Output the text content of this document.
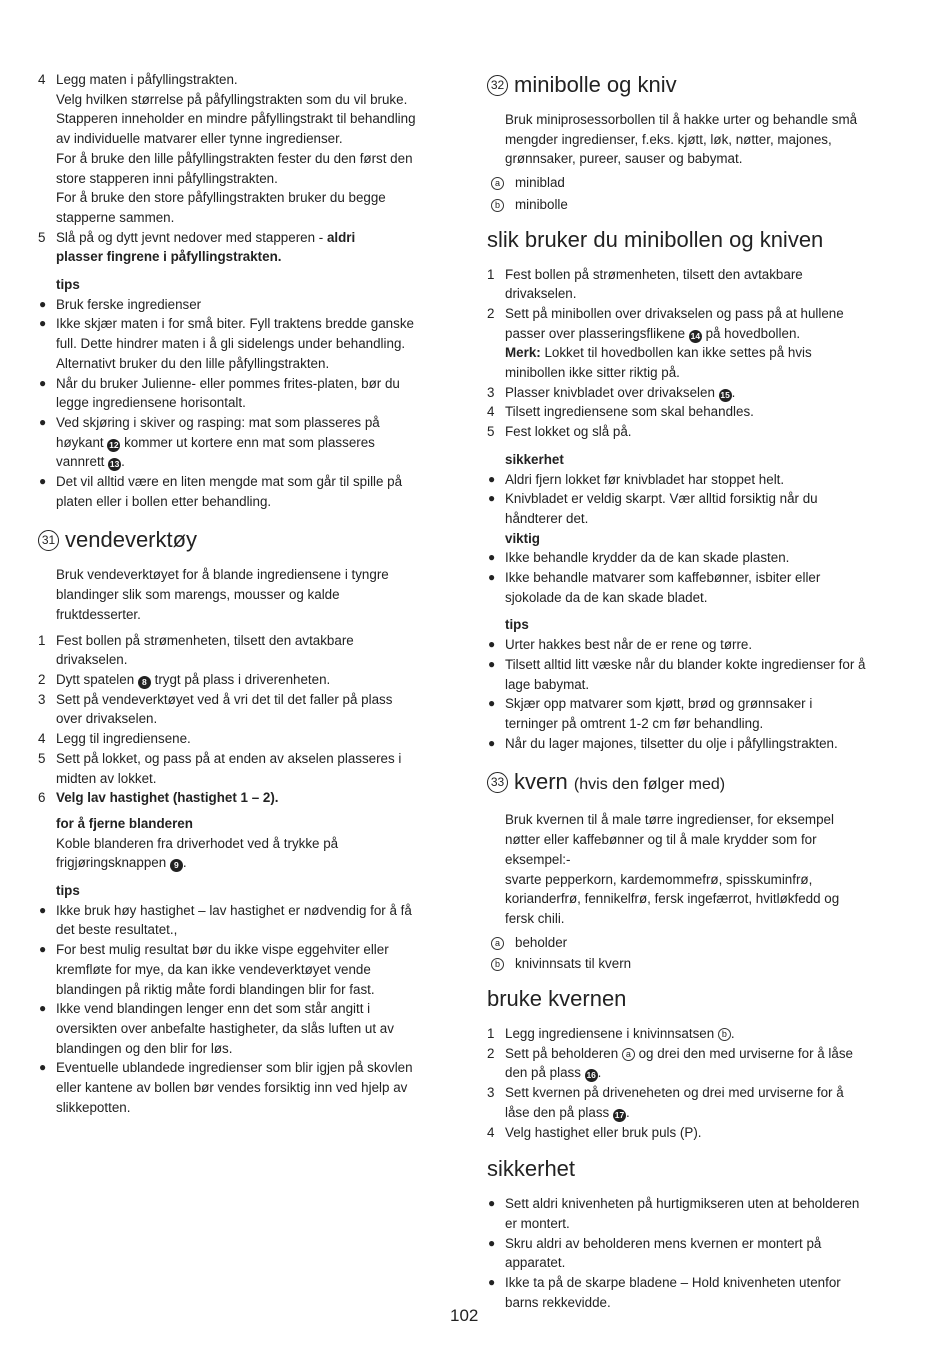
4 Legg maten i påfyllingstrakten.
Velg hvilken størrelse på påfyllingstrakten som du vil bruke.
Stapperen inneholder en mindre påfyllingstrakt til behandling
av individuelle matvarer eller tynne ingredienser.
For å bruke den lille påfyllingstrakten fester du den først den
store stapperen inni påfyllingstrakten.
For å bruke den store påfyllingstrakten bruker du begge
stapperne sammen.
5 Slå på og dytt jevnt nedover med stapperen - aldri
plasser fingrene i påfyllingstrakten.
tips
● Bruk ferske ingredienser
● Ikke skjær maten i for små biter. Fyll traktens bredde ganske
full. Dette hindrer maten i å gli sidelengs under behandling.
Alternativt bruker du den lille påfyllingstrakten.
● Når du bruker Julienne- eller pommes frites-platen, bør du
legge ingrediensene horisontalt.
● Ved skjøring i skiver og rasping: mat som plasseres på
høykant 12 kommer ut kortere enn mat som plasseres
vannrett 13 .
● Det vil alltid være en liten mengde mat som går til spille på
platen eller i bollen etter behandling.
31 vendeverktøy
Bruk vendeverktøyet for å blande ingrediensene i tyngre
blandinger slik som marengs, mousser og kalde
fruktdesserter.
1 Fest bollen på strømenheten, tilsett den avtakbare
drivakselen.
2 Dytt spatelen 8 trygt på plass i driverenheten.
3 Sett på vendeverktøyet ved å vri det til det faller på plass
over drivakselen.
4 Legg til ingrediensene.
5 Sett på lokket, og pass på at enden av akselen plasseres i
midten av lokket.
6 Velg lav hastighet (hastighet 1 – 2).
for å fjerne blanderen
Koble blanderen fra driverhodet ved å trykke på
frigjøringsknappen 9 .
tips
● Ikke bruk høy hastighet – lav hastighet er nødvendig for å få
det beste resultatet.,
● For best mulig resultat bør du ikke vispe eggehviter eller
kremfløte for mye, da kan ikke vendeverktøyet vende
blandingen på riktig måte fordi blandingen blir for fast.
● Ikke vend blandingen lenger enn det som står angitt i
oversikten over anbefalte hastigheter, da slås luften ut av
blandingen og den blir for løs.
● Eventuelle ublandede ingredienser som blir igjen på skovlen
eller kantene av bollen bør vendes forsiktig inn ved hjelp av
slikkepotten.
32 minibolle og kniv
Bruk miniprosessorbollen til å hakke urter og behandle små
mengder ingredienser, f.eks. kjøtt, løk, nøtter, majones,
grønnsaker, pureer, sauser og babymat.
a miniblad
b minibolle
slik bruker du minibollen og kniven
1 Fest bollen på strømenheten, tilsett den avtakbare
drivakselen.
2 Sett på minibollen over drivakselen og pass på at hullene
passer over plasseringsflikene 14 på hovedbollen.
Merk: Lokket til hovedbollen kan ikke settes på hvis
minibollen ikke sitter riktig på.
3 Plasser knivbladet over drivakselen 15 .
4 Tilsett ingrediensene som skal behandles.
5 Fest lokket og slå på.
sikkerhet
● Aldri fjern lokket før knivbladet har stoppet helt.
● Knivbladet er veldig skarpt. Vær alltid forsiktig når du
håndterer det.
viktig
● Ikke behandle krydder da de kan skade plasten.
● Ikke behandle matvarer som kaffebønner, isbiter eller
sjokolade da de kan skade bladet.
tips
● Urter hakkes best når de er rene og tørre.
● Tilsett alltid litt væske når du blander kokte ingredienser for å
lage babymat.
● Skjær opp matvarer som kjøtt, brød og grønnsaker i
terninger på omtrent 1-2 cm før behandling.
● Når du lager majones, tilsetter du olje i påfyllingstrakten.
33 kvern (hvis den følger med)
Bruk kvernen til å male tørre ingredienser, for eksempel
nøtter eller kaffebønner og til å male krydder som for
eksempel:-
svarte pepperkorn, kardemommefrø, spisskuminfrø,
korianderfrø, fennikelfrø, fersk ingefærrot, hvitløkfedd og
fersk chili.
a beholder
b knivinnsats til kvern
bruke kvernen
1 Legg ingrediensene i knivinnsatsen b .
2 Sett på beholderen a og drei den med urviserne for å låse
den på plass 16 .
3 Sett kvernen på driveneheten og drei med urviserne for å
låse den på plass 17 .
4 Velg hastighet eller bruk puls (P).
sikkerhet
● Sett aldri knivenheten på hurtigmikseren uten at beholderen
er montert.
● Skru aldri av beholderen mens kvernen er montert på
apparatet.
● Ikke ta på de skarpe bladene – Hold knivenheten utenfor
barns rekkevidde.
102
